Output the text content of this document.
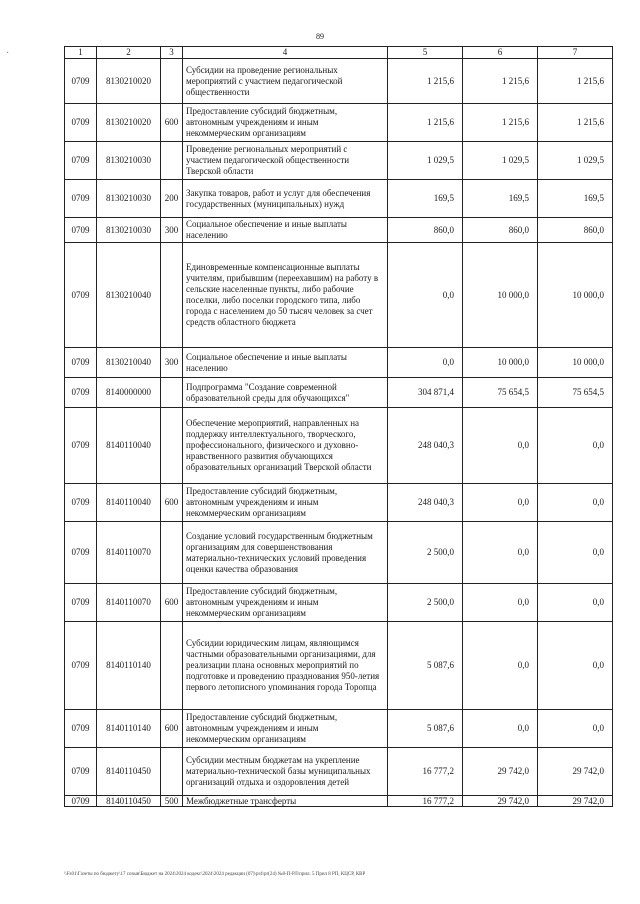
·
89
1	2	3	4	5	6	7
0709	8130210020		Субсидии на проведение региональных мероприятий с участием педагогической общественности	1 215,6	1 215,6	1 215,6
0709	8130210020	600	Предоставление субсидий бюджетным, автономным учреждениям и иным некоммерческим организациям	1 215,6	1 215,6	1 215,6
0709	8130210030		Проведение региональных мероприятий с участием педагогической общественности Тверской области	1 029,5	1 029,5	1 029,5
0709	8130210030	200	Закупка товаров, работ и услуг для обеспечения государственных (муниципальных) нужд	169,5	169,5	169,5
0709	8130210030	300	Социальное обеспечение и иные выплаты населению	860,0	860,0	860,0
0709	8130210040		Единовременные компенсационные выплаты учителям, прибывшим (переехавшим) на работу в сельские населенные пункты, либо рабочие поселки, либо поселки городского типа, либо города с населением до 50 тысяч человек за счет средств областного бюджета	0,0	10 000,0	10 000,0
0709	8130210040	300	Социальное обеспечение и иные выплаты населению	0,0	10 000,0	10 000,0
0709	8140000000		Подпрограмма "Создание современной образовательной среды для обучающихся"	304 871,4	75 654,5	75 654,5
0709	8140110040		Обеспечение мероприятий, направленных на поддержку интеллектуального, творческого, профессионального, физического и духовно-нравственного развития обучающихся образовательных организаций Тверской области	248 040,3	0,0	0,0
0709	8140110040	600	Предоставление субсидий бюджетным, автономным учреждениям и иным некоммерческим организациям	248 040,3	0,0	0,0
0709	8140110070		Создание условий государственным бюджетным организациям для совершенствования материально-технических условий проведения оценки качества образования	2 500,0	0,0	0,0
0709	8140110070	600	Предоставление субсидий бюджетным, автономным учреждениям и иным некоммерческим организациям	2 500,0	0,0	0,0
0709	8140110140		Субсидии юридическим лицам, являющимся частными образовательными организациями, для реализации плана основных мероприятий по подготовке и проведению празднования 950-летия первого летописного упоминания города Торопца	5 087,6	0,0	0,0
0709	8140110140	600	Предоставление субсидий бюджетным, автономным учреждениям и иным некоммерческим организациям	5 087,6	0,0	0,0
0709	8140110450		Субсидии местным бюджетам на укрепление материально-технической базы муниципальных организаций отдыха и оздоровления детей	16 777,2	29 742,0	29 742,0
0709	8140110450	500	Межбюджетные трансферты	16 777,2	29 742,0	29 742,0
\\Fs01\Газеты по бюджету\17 созыв\Бюджет на 2024\2024 кодекс\2024\2024 редакции (07)\pr4\pr(24) №8-П-РЛ\прил. 5 Прил 8 РП, КЦСР, КВР
